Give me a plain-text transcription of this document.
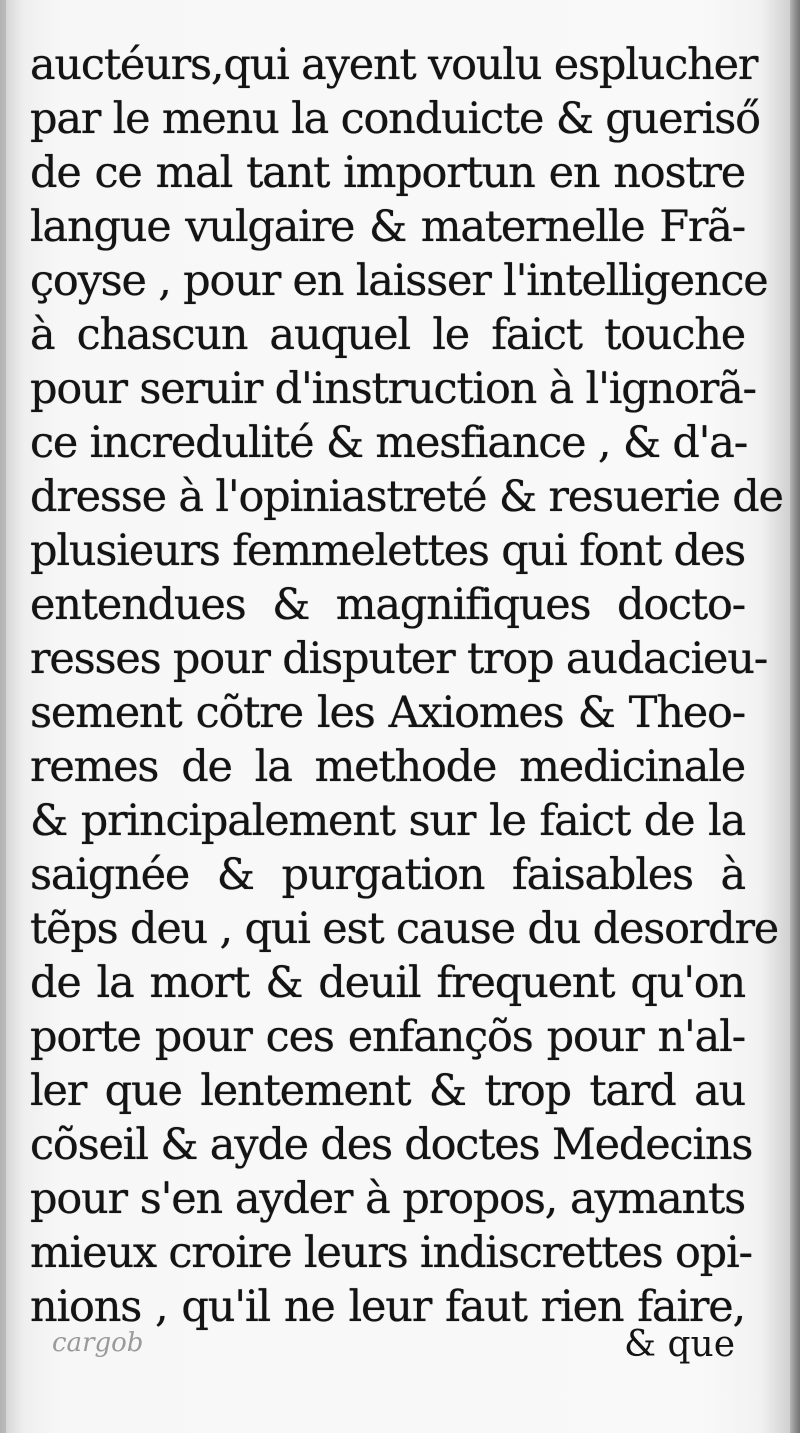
auctéurs,qui ayent voulu esplucher
par le menu la conduicte & gueriső
de ce mal tant importun en nostre
langue vulgaire & maternelle Frã-
çoyse , pour en laisser l'intelligence
à chascun auquel le faict touche
pour seruir d'instruction à l'ignorã-
ce incredulité & mesfiance , & d'a-
dresse à l'opiniastreté & resuerie de
plusieurs femmelettes qui font des
entendues & magnifiques docto-
resses pour disputer trop audacieu-
sement cõtre les Axiomes & Theo-
remes de la methode medicinale
& principalement sur le faict de la
saignée & purgation faisables à
tẽps deu , qui est cause du desordre
de la mort & deuil frequent qu'on
porte pour ces enfançõs pour n'al-
ler que lentement & trop tard au
cõseil & ayde des doctes Medecins
pour s'en ayder à propos, aymants
mieux croire leurs indiscrettes opi-
nions , qu'il ne leur faut rien faire,
cargob	& que
